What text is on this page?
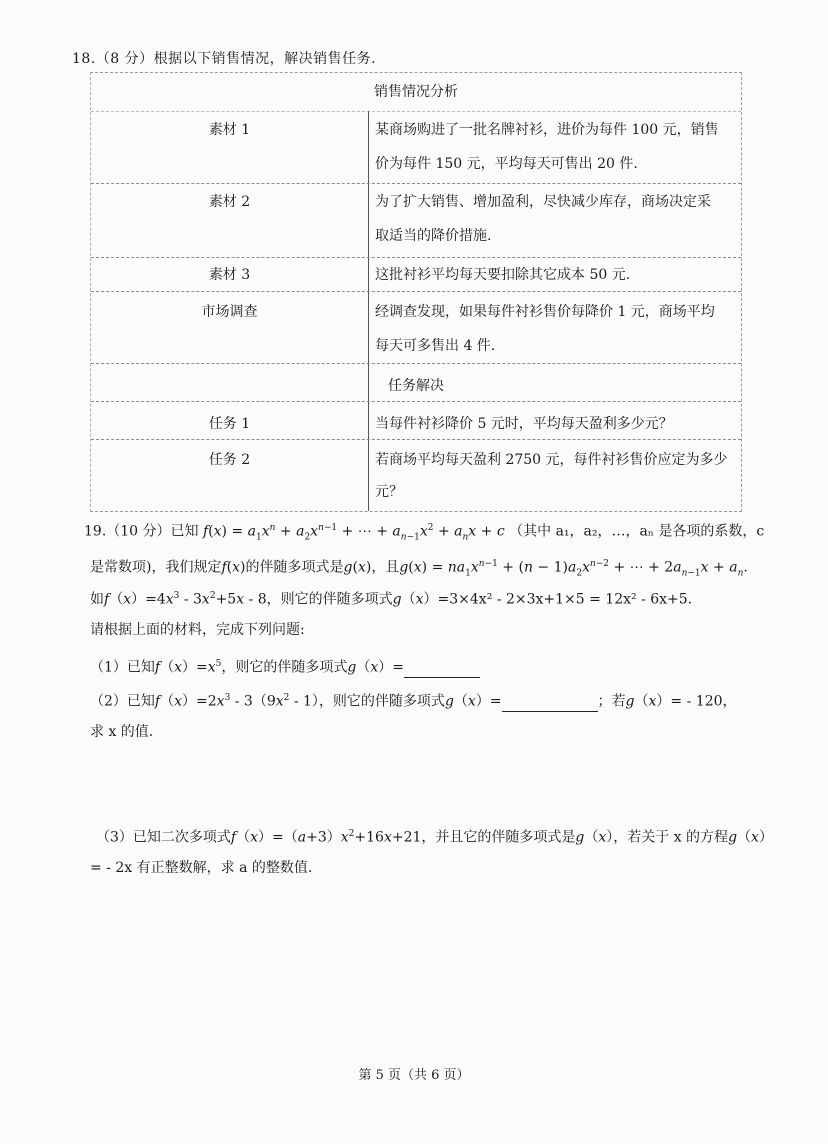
18.（8 分）根据以下销售情况，解决销售任务.
销售情况分析
素材 1	某商场购进了一批名牌衬衫，进价为每件 100 元，销售
价为每件 150 元，平均每天可售出 20 件.
素材 2	为了扩大销售、增加盈利，尽快减少库存，商场决定采
取适当的降价措施.
素材 3	这批衬衫平均每天要扣除其它成本 50 元.
市场调查	经调查发现，如果每件衬衫售价每降价 1 元，商场平均
每天可多售出 4 件.
任务解决
任务 1	当每件衬衫降价 5 元时，平均每天盈利多少元？
任务 2	若商场平均每天盈利 2750 元，每件衬衫售价应定为多少
元？
19.（10 分）已知 $f(x) = a_1x^n + a_2x^{n-1}$ + ⋯ + $a_{n-1}x^2 + a_nx + c$ （其中 a₁，a₂，…，aₙ 是各项的系数，c
是常数项)，我们规定f(x)的伴随多项式是g(x)，且$g(x) = na_1x^{n-1} + (n - 1)a_2x^{n-2}$ + ⋯ + $2a_{n-1}x + a_n$.
如$f(x)=4x^3 - 3x^2+5x - 8$，则它的伴随多项式g（x）=3×4x² - 2×3x+1×5 = 12x² - 6x+5.
请根据上面的材料，完成下列问题:
（1）已知$f(x)=x^5$，则它的伴随多项式g（x）=
（2）已知$f(x)=2x^3 - 3(9x^2 - 1)$，则它的伴随多项式g（x）=	；若g（x）= - 120，
求 x 的值.
（3）已知二次多项式$f(x)=(a+3)x^2+16x+21$，并且它的伴随多项式是g（x），若关于 x 的方程g（x）
= - 2x 有正整数解，求 a 的整数值.
第 5 页（共 6 页）
